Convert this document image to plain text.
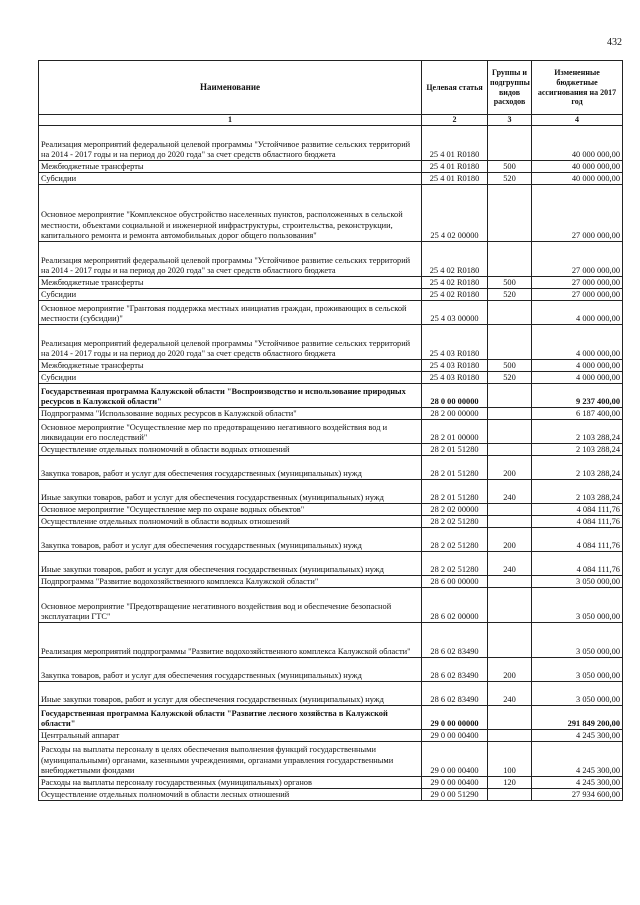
432
Наименование	Целевая статья	Группы и подгруппы видов расходов	Измененные бюджетные ассигнования на 2017 год
1	2	3	4
Реализация мероприятий федеральной целевой программы "Устойчивое развитие сельских территорий на 2014 - 2017 годы и на период до 2020 года" за счет средств областного бюджета	25 4 01 R0180		40 000 000,00
Межбюджетные трансферты	25 4 01 R0180	500	40 000 000,00
Субсидии	25 4 01 R0180	520	40 000 000,00
Основное мероприятие "Комплексное обустройство населенных пунктов, расположенных в сельской местности, объектами социальной и инженерной инфраструктуры, строительства, реконструкции, капитального ремонта и ремонта автомобильных дорог общего пользования"	25 4 02 00000		27 000 000,00
Реализация мероприятий федеральной целевой программы "Устойчивое развитие сельских территорий на 2014 - 2017 годы и на период до 2020 года" за счет средств областного бюджета	25 4 02 R0180		27 000 000,00
Межбюджетные трансферты	25 4 02 R0180	500	27 000 000,00
Субсидии	25 4 02 R0180	520	27 000 000,00
Основное мероприятие "Грантовая поддержка местных инициатив граждан, проживающих в сельской местности (субсидии)"	25 4 03 00000		4 000 000,00
Реализация мероприятий федеральной целевой программы "Устойчивое развитие сельских территорий на 2014 - 2017 годы и на период до 2020 года" за счет средств областного бюджета	25 4 03 R0180		4 000 000,00
Межбюджетные трансферты	25 4 03 R0180	500	4 000 000,00
Субсидии	25 4 03 R0180	520	4 000 000,00
Государственная программа Калужской области "Воспроизводство и использование природных ресурсов в Калужской области"	28 0 00 00000		9 237 400,00
Подпрограмма "Использование водных ресурсов в Калужской области"	28 2 00 00000		6 187 400,00
Основное мероприятие "Осуществление мер по предотвращению негативного воздействия вод и ликвидации его последствий"	28 2 01 00000		2 103 288,24
Осуществление отдельных полномочий в области водных отношений	28 2 01 51280		2 103 288,24
Закупка товаров, работ и услуг для обеспечения государственных (муниципальных) нужд	28 2 01 51280	200	2 103 288,24
Иные закупки товаров, работ и услуг для обеспечения государственных (муниципальных) нужд	28 2 01 51280	240	2 103 288,24
Основное мероприятие "Осуществление мер по охране водных объектов"	28 2 02 00000		4 084 111,76
Осуществление отдельных полномочий в области водных отношений	28 2 02 51280		4 084 111,76
Закупка товаров, работ и услуг для обеспечения государственных (муниципальных) нужд	28 2 02 51280	200	4 084 111,76
Иные закупки товаров, работ и услуг для обеспечения государственных (муниципальных) нужд	28 2 02 51280	240	4 084 111,76
Подпрограмма "Развитие водохозяйственного комплекса Калужской области"	28 6 00 00000		3 050 000,00
Основное мероприятие "Предотвращение негативного воздействия вод и обеспечение безопасной эксплуатации ГТС"	28 6 02 00000		3 050 000,00
Реализация мероприятий подпрограммы "Развитие водохозяйственного комплекса Калужской области"	28 6 02 83490		3 050 000,00
Закупка товаров, работ и услуг для обеспечения государственных (муниципальных) нужд	28 6 02 83490	200	3 050 000,00
Иные закупки товаров, работ и услуг для обеспечения государственных (муниципальных) нужд	28 6 02 83490	240	3 050 000,00
Государственная программа Калужской области "Развитие лесного хозяйства в Калужской области"	29 0 00 00000		291 849 200,00
Центральный аппарат	29 0 00 00400		4 245 300,00
Расходы на выплаты персоналу в целях обеспечения выполнения функций государственными (муниципальными) органами, казенными учреждениями, органами управления государственными внебюджетными фондами	29 0 00 00400	100	4 245 300,00
Расходы на выплаты персоналу государственных (муниципальных) органов	29 0 00 00400	120	4 245 300,00
Осуществление отдельных полномочий в области лесных отношений	29 0 00 51290		27 934 600,00
